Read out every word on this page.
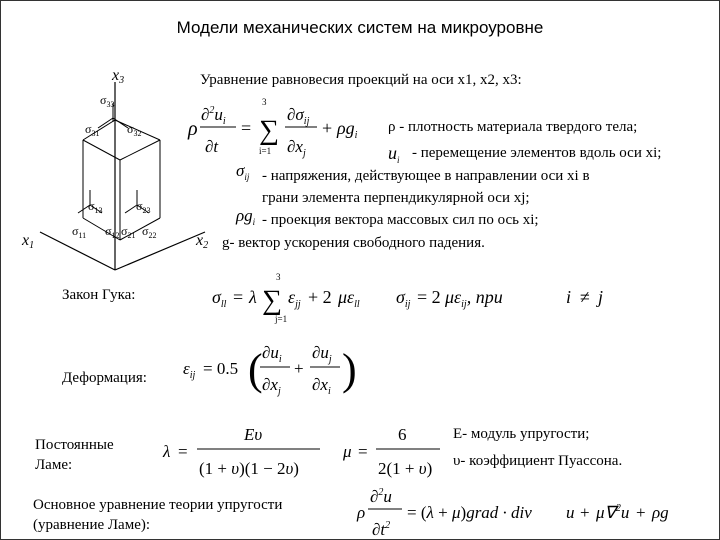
Модели механических систем на микроуровне
Уравнение равновесия проекций на оси x1, x2, x3:
ρ - плотность материала твердого тела;
- перемещение элементов вдоль оси xi;
- напряжения, действующее в направлении оси xi в
грани элемента перпендикулярной оси xj;
- проекция вектора массовых сил по ось xi;
g- вектор ускорения свободного падения.
Закон Гука:
Деформация:
Постоянные
Ламе:
E- модуль упругости;
υ- коэффициент Пуассона.
Основное уравнение теории упругости
(уравнение Ламе):
x3
x1	x2
$\sigma_{33}$
$\sigma_{31}$ $\sigma_{32}$
$\sigma_{13}$	$\sigma_{23}$
$\sigma_{11}$ $\sigma_{12}$ $\sigma_{21}$ $\sigma_{22}$
ρ
$\partial^2u_i$
∂t
=
3
∑
i=1
$\partial\sigma_{ij}$
$\partial x_j$
+ $\rho g_i$
$u_i$
$\sigma_{ij}$
$\rho g_i$
$\sigma_{ll} = \lambda$
3
∑
j=1
$\varepsilon_{jj} + 2$ $\mu\varepsilon_{ll}$ $\sigma_{ij} = 2$ $\mu\varepsilon_{ij}$, при	i ≠ j
$\varepsilon_{ij} = 0.5$ ( $\partial u_i$
$\partial x_j$
+
$\partial u_j$
$\partial x_i$ )
λ =
Eυ
(1 + υ)(1 − 2υ)
μ =
6
2(1 + υ)
ρ
∂$^2$u
$\partial t^2$
= (λ + μ)grad · div u + μ∇$^2$u + ρg
